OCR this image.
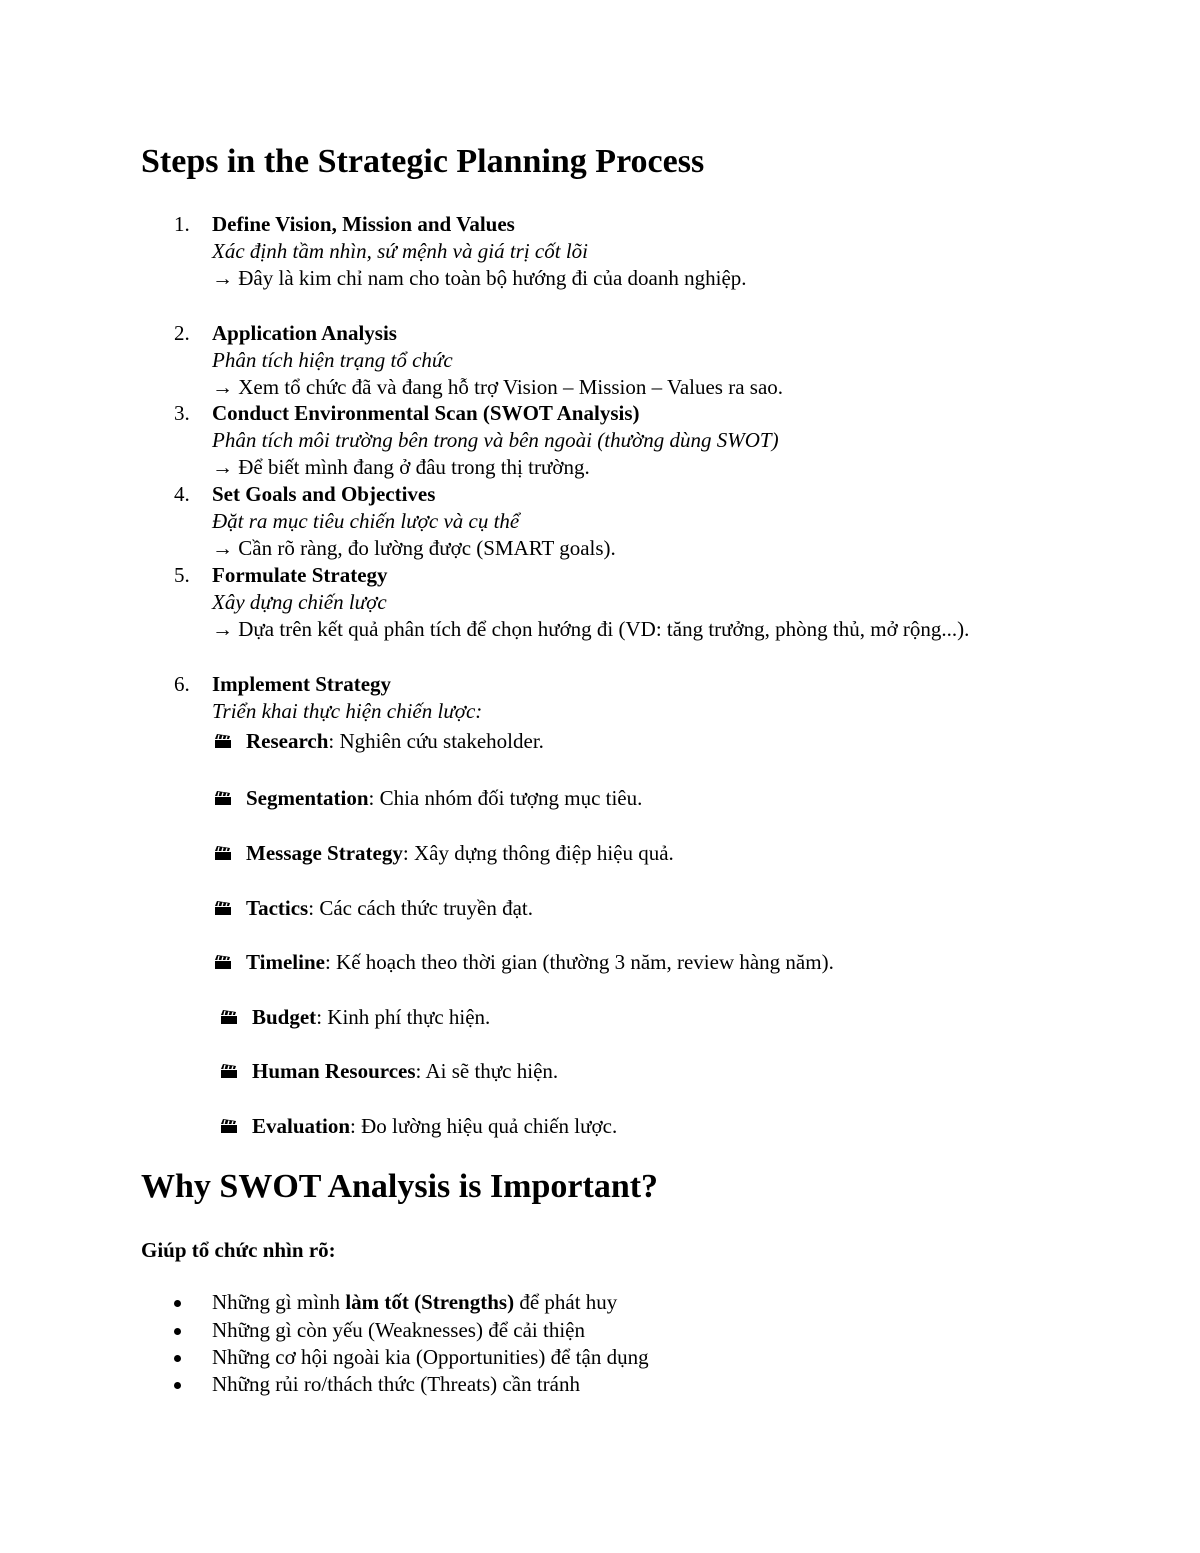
Steps in the Strategic Planning Process
1. Define Vision, Mission and Values
Xác định tầm nhìn, sứ mệnh và giá trị cốt lõi
→ Đây là kim chỉ nam cho toàn bộ hướng đi của doanh nghiệp.
2. Application Analysis
Phân tích hiện trạng tổ chức
→ Xem tổ chức đã và đang hỗ trợ Vision – Mission – Values ra sao.
3. Conduct Environmental Scan (SWOT Analysis)
Phân tích môi trường bên trong và bên ngoài (thường dùng SWOT)
→ Để biết mình đang ở đâu trong thị trường.
4. Set Goals and Objectives
Đặt ra mục tiêu chiến lược và cụ thể
→ Cần rõ ràng, đo lường được (SMART goals).
5. Formulate Strategy
Xây dựng chiến lược
→ Dựa trên kết quả phân tích để chọn hướng đi (VD: tăng trưởng, phòng thủ, mở rộng...).
6. Implement Strategy
Triển khai thực hiện chiến lược:
Research: Nghiên cứu stakeholder.
Segmentation: Chia nhóm đối tượng mục tiêu.
Message Strategy: Xây dựng thông điệp hiệu quả.
Tactics: Các cách thức truyền đạt.
Timeline: Kế hoạch theo thời gian (thường 3 năm, review hàng năm).
Budget: Kinh phí thực hiện.
Human Resources: Ai sẽ thực hiện.
Evaluation: Đo lường hiệu quả chiến lược.
Why SWOT Analysis is Important?
Giúp tổ chức nhìn rõ:
Những gì mình làm tốt (Strengths) để phát huy
Những gì còn yếu (Weaknesses) để cải thiện
Những cơ hội ngoài kia (Opportunities) để tận dụng
Những rủi ro/thách thức (Threats) cần tránh
